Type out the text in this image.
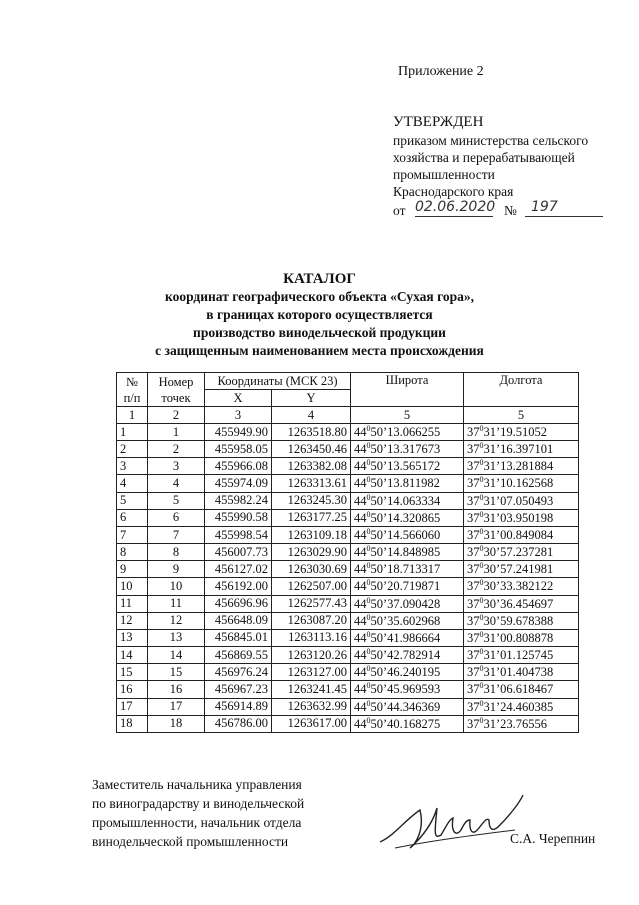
Приложение 2
УТВЕРЖДЕН
приказом министерства сельского
хозяйства и перерабатывающей
промышленности
Краснодарского края
от 02.06.2020 №	197
КАТАЛОГ
координат географического объекта «Сухая гора»,
в границах которого осуществляется
производство винодельческой продукции
с защищенным наименованием места происхождения
№ п/п	Номер точек	Координаты (МСК 23)		Широта	Долгота
		X	Y		
1	2	3	4	5	5
1	1	455949.90	1263518.80	$44^050’13.066255$	$37^031’19.51052$
2	2	455958.05	1263450.46	$44^050’13.317673$	$37^031’16.397101$
3	3	455966.08	1263382.08	$44^050’13.565172$	$37^031’13.281884$
4	4	455974.09	1263313.61	$44^050’13.811982$	$37^031’10.162568$
5	5	455982.24	1263245.30	$44^050’14.063334$	$37^031’07.050493$
6	6	455990.58	1263177.25	$44^050’14.320865$	$37^031’03.950198$
7	7	455998.54	1263109.18	$44^050’14.566060$	$37^031’00.849084$
8	8	456007.73	1263029.90	$44^050’14.848985$	$37^030’57.237281$
9	9	456127.02	1263030.69	$44^050’18.713317$	$37^030’57.241981$
10	10	456192.00	1262507.00	$44^050’20.719871$	$37^030’33.382122$
11	11	456696.96	1262577.43	$44^050’37.090428$	$37^030’36.454697$
12	12	456648.09	1263087.20	$44^050’35.602968$	$37^030’59.678388$
13	13	456845.01	1263113.16	$44^050’41.986664$	$37^031’00.808878$
14	14	456869.55	1263120.26	$44^050’42.782914$	$37^031’01.125745$
15	15	456976.24	1263127.00	$44^050’46.240195$	$37^031’01.404738$
16	16	456967.23	1263241.45	$44^050’45.969593$	$37^031’06.618467$
17	17	456914.89	1263632.99	$44^050’44.346369$	$37^031’24.460385$
18	18	456786.00	1263617.00	$44^050’40.168275$	$37^031’23.76556$
Заместитель начальника управления
по виноградарству и винодельческой
промышленности, начальник отдела
винодельческой промышленности	С.А. Черепнин
